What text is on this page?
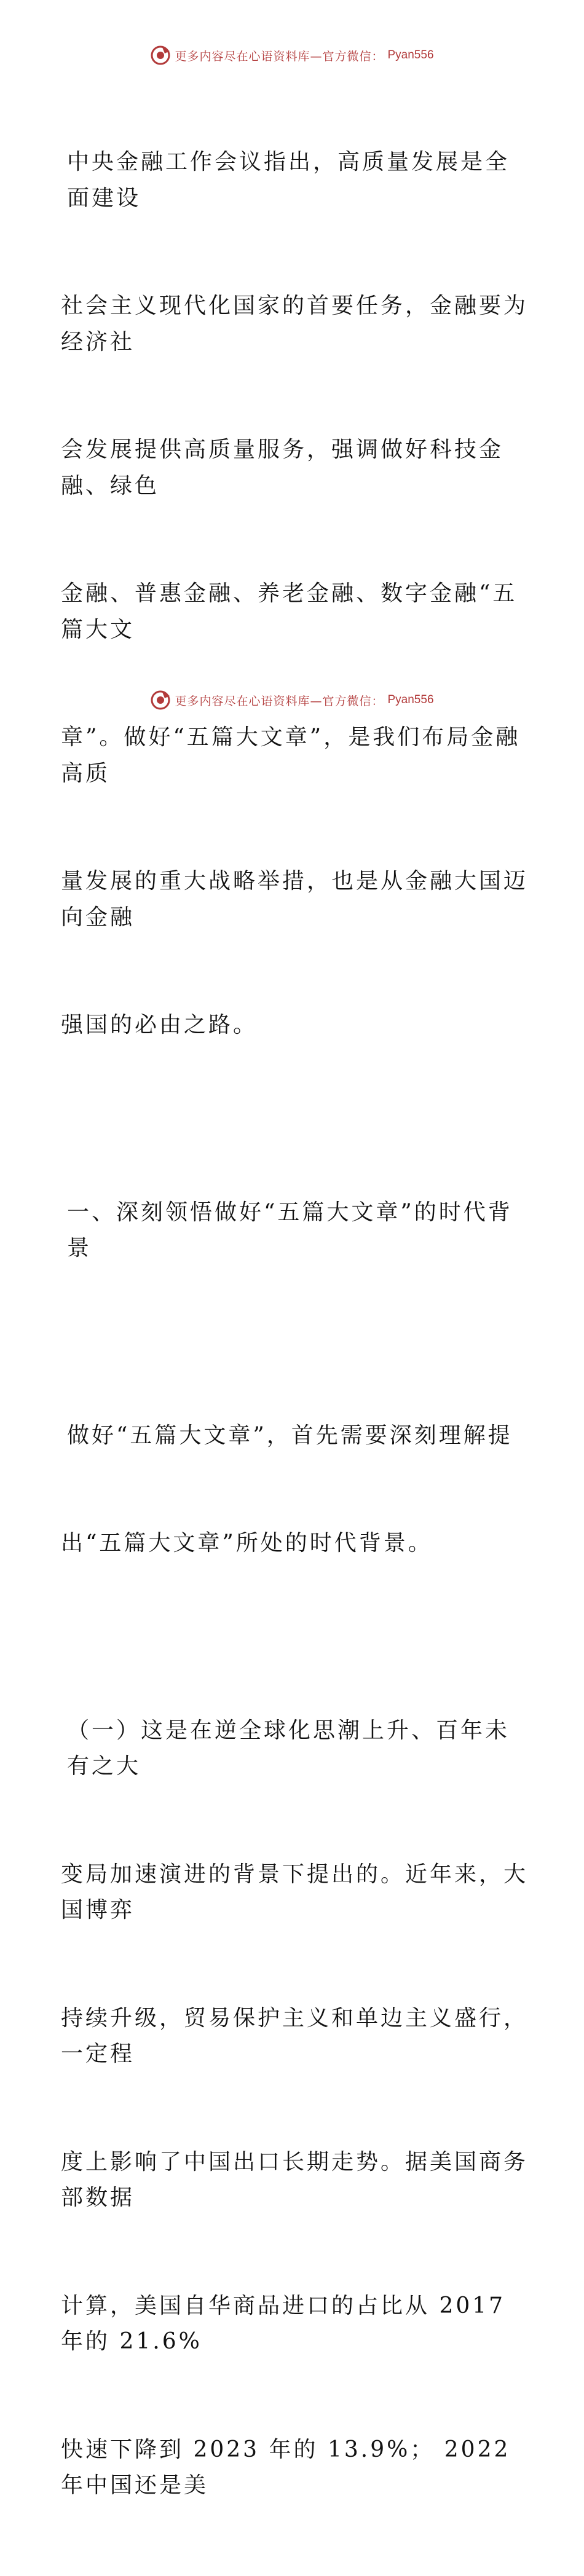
更多内容尽在心语资料库—官方微信： Pyan556

中央金融工作会议指出，高质量发展是全面建设

社会主义现代化国家的首要任务，金融要为经济社

会发展提供高质量服务，强调做好科技金融、绿色

金融、普惠金融、养老金融、数字金融“五篇大文

章”。做好“五篇大文章”，是我们布局金融高质

量发展的重大战略举措，也是从金融大国迈向金融

强国的必由之路。

一、深刻领悟做好“五篇大文章”的时代背景

做好“五篇大文章”，首先需要深刻理解提

出“五篇大文章”所处的时代背景。

（一）这是在逆全球化思潮上升、百年未有之大

变局加速演进的背景下提出的。近年来，大国博弈

持续升级，贸易保护主义和单边主义盛行，一定程

度上影响了中国出口长期走势。据美国商务部数据

计算，美国自华商品进口的占比从 2017 年的 21.6%

快速下降到 2023 年的 13.9%； 2022 年中国还是美

更多内容尽在心语资料库—官方微信： Pyan556
